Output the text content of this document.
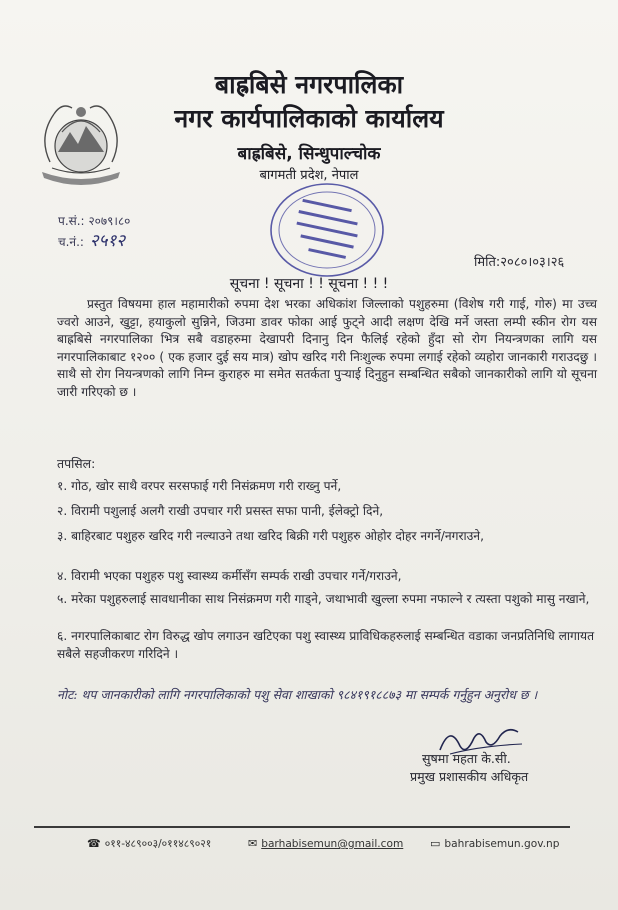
बाह्रबिसे नगरपालिका
नगर कार्यपालिकाको कार्यालय
बाह्रबिसे, सिन्धुपाल्चोक
बागमती प्रदेश, नेपाल
प.सं.: २०७९।८०
च.नं.: २५१२
मिति:२०८०।०३।२६
सूचना ! सूचना ! ! सूचना ! ! !
प्रस्तुत विषयमा हाल महामारीको रुपमा देश भरका अधिकांश जिल्लाको पशुहरुमा (विशेष गरी गाई, गोरु) मा उच्च ज्वरो आउने, खुट्टा, हयाकुलो सुन्निने, जिउमा डावर फोका आई फुट्ने आदी लक्षण देखि मर्ने जस्ता लम्पी स्कीन रोग यस बाह्रबिसे नगरपालिका भित्र सबै वडाहरुमा देखापरी दिनानु दिन फैलिई रहेको हुँदा सो रोग नियन्त्रणका लागि यस नगरपालिकाबाट १२०० ( एक हजार दुई सय मात्र) खोप खरिद गरी निःशुल्क रुपमा लगाई रहेको व्यहोरा जानकारी गराउदछु । साथै सो रोग नियन्त्रणको लागि निम्न कुराहरु मा समेत सतर्कता पुऱ्याई दिनुहुन सम्बन्धित सबैको जानकारीको लागि यो सूचना जारी गरिएको छ ।
तपसिल:
१. गोठ, खोर साथै वरपर सरसफाई गरी निसंक्रमण गरी राख्नु पर्ने,
२. विरामी पशुलाई अलगै राखी उपचार गरी प्रसस्त सफा पानी, ईलेक्ट्रो दिने,
३. बाहिरबाट पशुहरु खरिद गरी नल्याउने तथा खरिद बिक्री गरी पशुहरु ओहोर दोहर नगर्ने/नगराउने,
४. विरामी भएका पशुहरु पशु स्वास्थ्य कर्मीसँग सम्पर्क राखी उपचार गर्ने/गराउने,
५. मरेका पशुहरुलाई सावधानीका साथ निसंक्रमण गरी गाड्ने, जथाभावी खुल्ला रुपमा नफाल्ने र त्यस्ता पशुको मासु नखाने,
६. नगरपालिकाबाट रोग विरुद्ध खोप लगाउन खटिएका पशु स्वास्थ्य प्राविधिकहरुलाई सम्बन्धित वडाका जनप्रतिनिधि लागायत सबैले सहजीकरण गरिदिने ।
नोट: थप जानकारीको लागि नगरपालिकाको पशु सेवा शाखाको ९८४१९१८८७३ मा सम्पर्क गर्नुहुन अनुरोध छ ।
सुषमा महता के.सी.
प्रमुख प्रशासकीय अधिकृत
☎ ०११-४८९००३/०११४८९०२१	✉ barhabisemun@gmail.com ▭ bahrabisemun.gov.np
